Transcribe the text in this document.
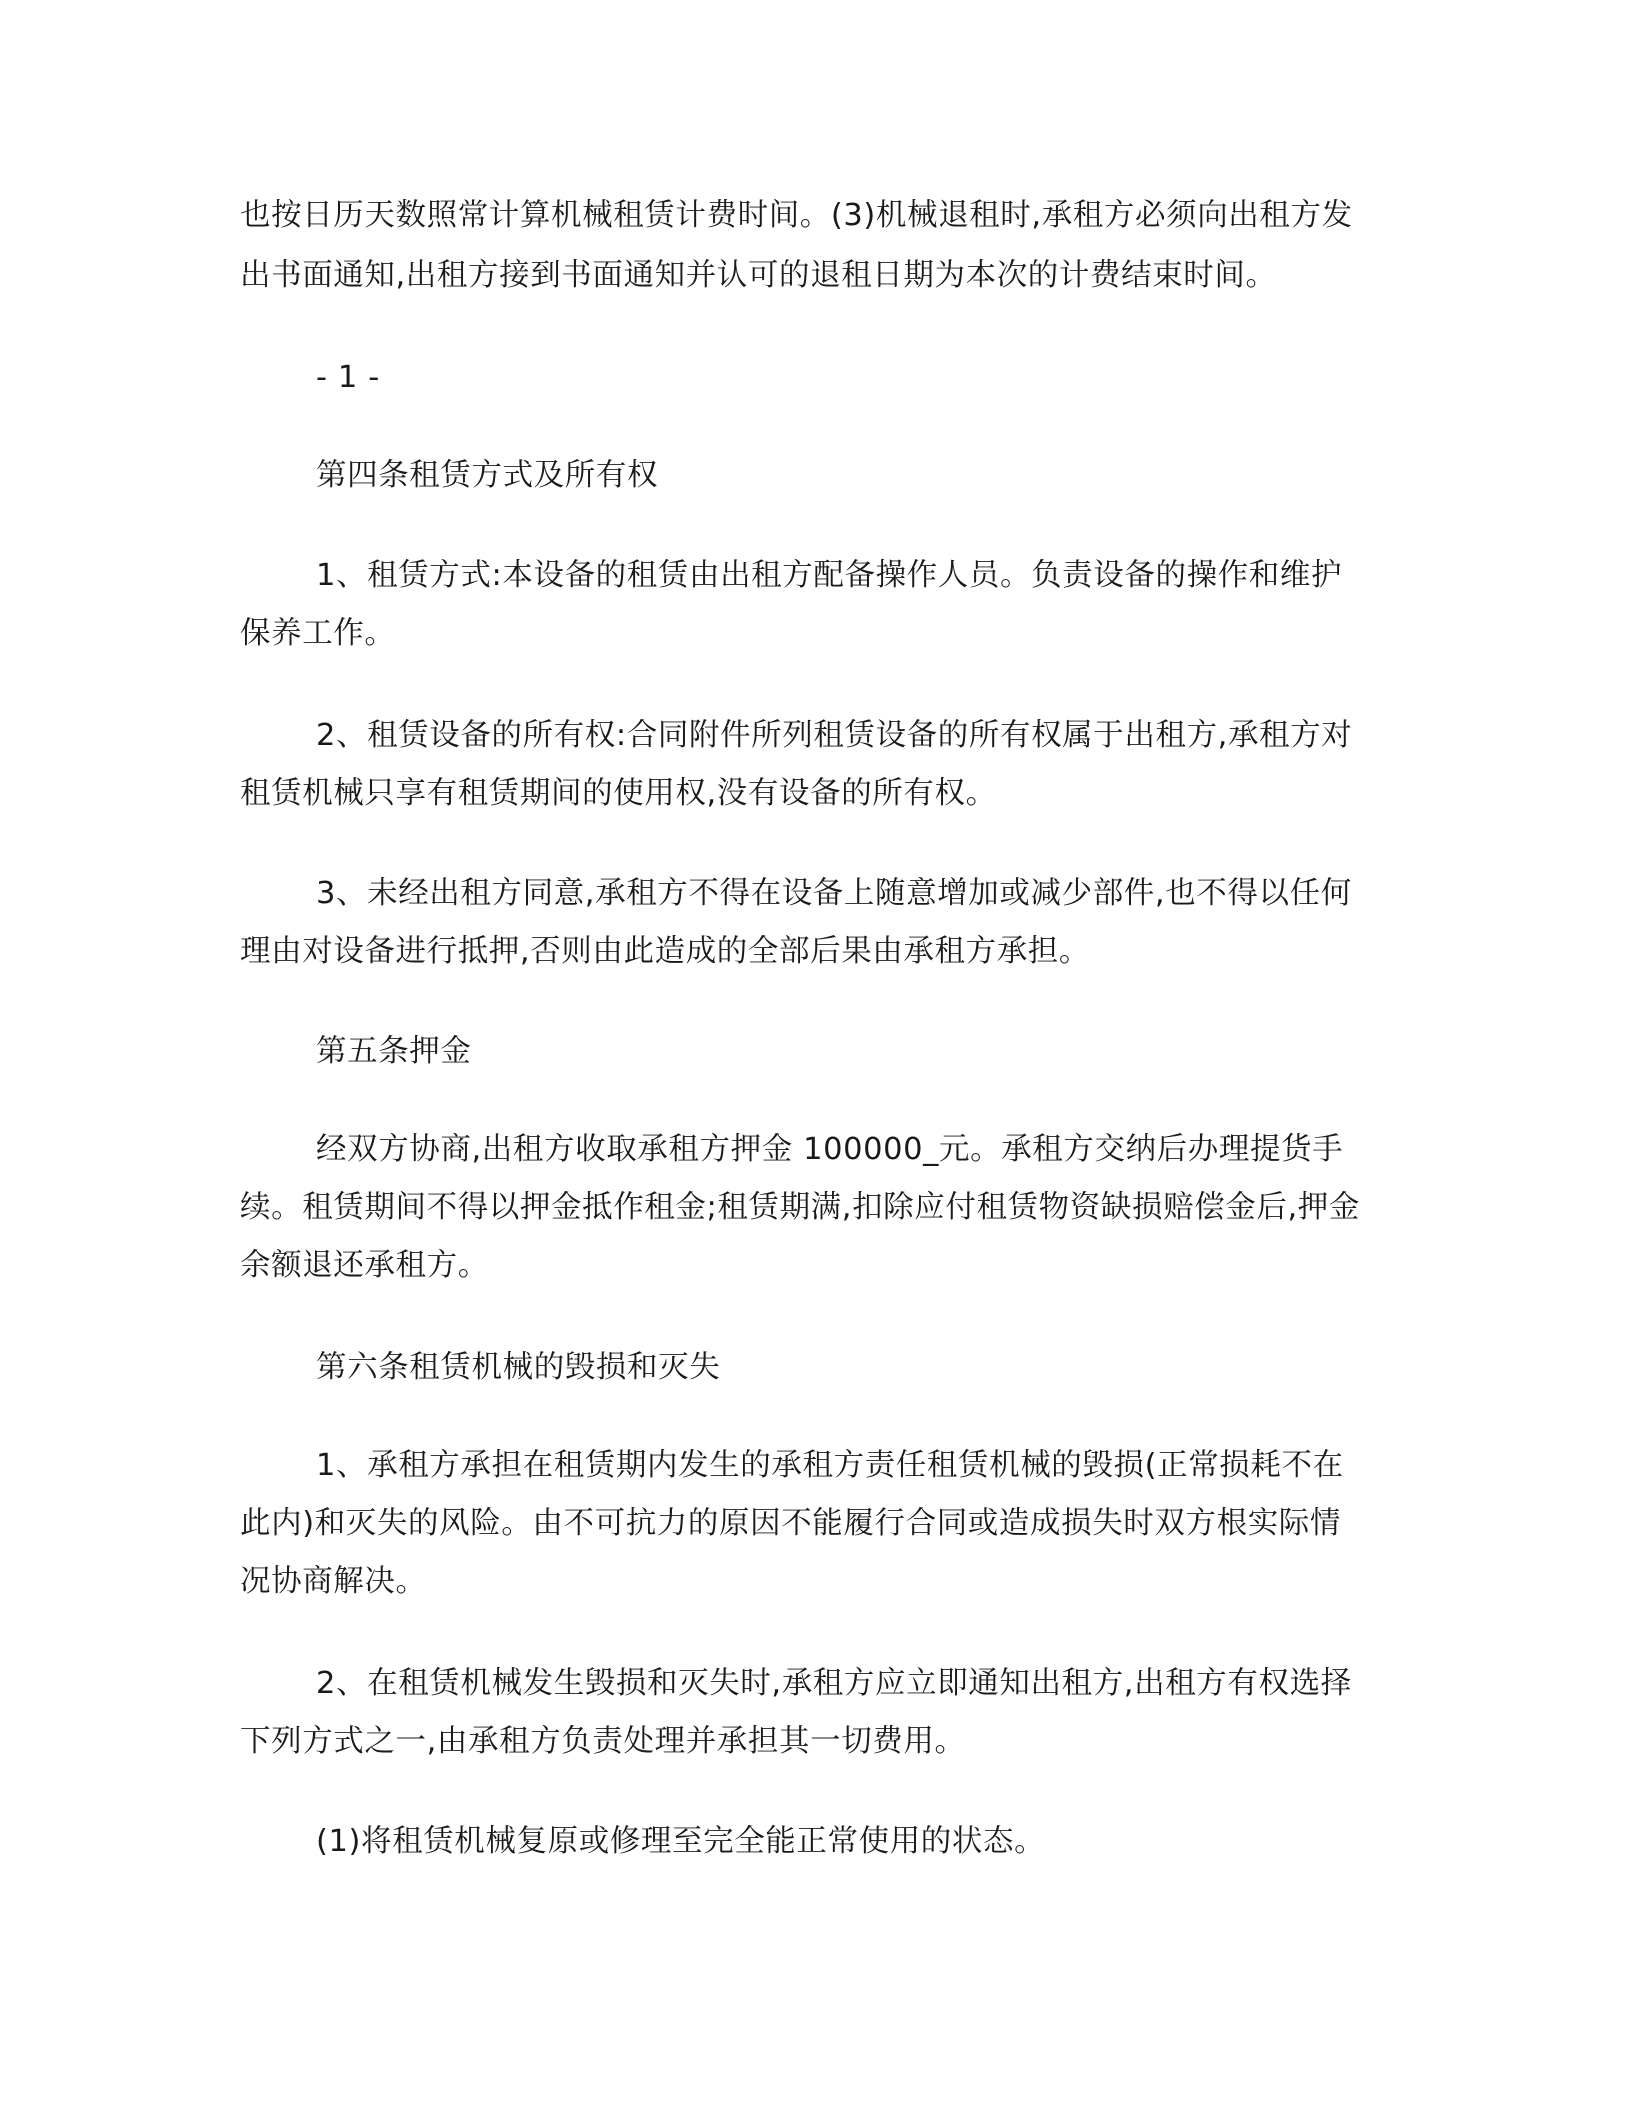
也按日历天数照常计算机械租赁计费时间。(3)机械退租时,承租方必须向出租方发
出书面通知,出租方接到书面通知并认可的退租日期为本次的计费结束时间。
- 1 -
第四条租赁方式及所有权
1、租赁方式:本设备的租赁由出租方配备操作人员。负责设备的操作和维护
保养工作。
2、租赁设备的所有权:合同附件所列租赁设备的所有权属于出租方,承租方对
租赁机械只享有租赁期间的使用权,没有设备的所有权。
3、未经出租方同意,承租方不得在设备上随意增加或减少部件,也不得以任何
理由对设备进行抵押,否则由此造成的全部后果由承租方承担。
第五条押金
经双方协商,出租方收取承租方押金 100000_元。承租方交纳后办理提货手
续。租赁期间不得以押金抵作租金;租赁期满,扣除应付租赁物资缺损赔偿金后,押金
余额退还承租方。
第六条租赁机械的毁损和灭失
1、承租方承担在租赁期内发生的承租方责任租赁机械的毁损(正常损耗不在
此内)和灭失的风险。由不可抗力的原因不能履行合同或造成损失时双方根实际情
况协商解决。
2、在租赁机械发生毁损和灭失时,承租方应立即通知出租方,出租方有权选择
下列方式之一,由承租方负责处理并承担其一切费用。
(1)将租赁机械复原或修理至完全能正常使用的状态。
